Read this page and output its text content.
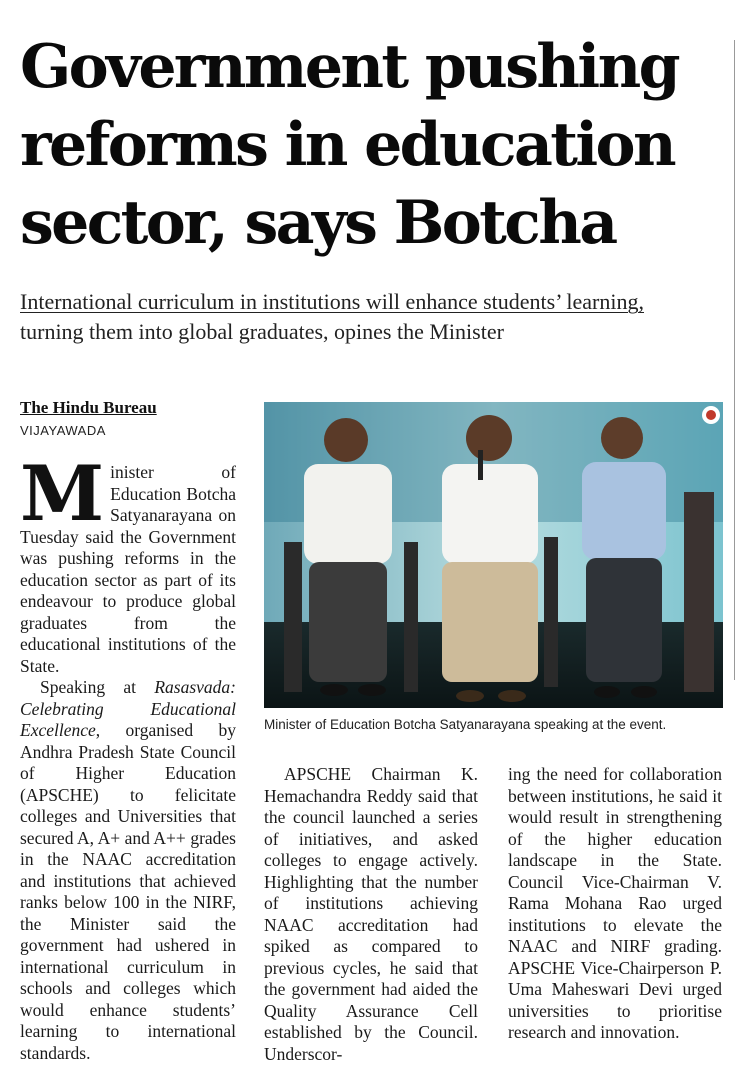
Government pushing reforms in education sector, says Botcha
International curriculum in institutions will enhance students’ learning,
turning them into global graduates, opines the Minister
The Hindu Bureau
VIJAYAWADA

Minister of Education Botcha Satyanarayana on Tuesday said the Government was pushing reforms in the education sector as part of its endeavour to produce global graduates from the educational institutions of the State.

Speaking at Rasasvada: Celebrating Educational Excellence, organised by Andhra Pradesh State Council of Higher Education (APSCHE) to felicitate colleges and Universities that secured A, A+ and A++ grades in the NAAC accreditation and institutions that achieved ranks below 100 in the NIRF, the Minister said the government had ushered in international curriculum in schools and colleges which would enhance students’ learning to international standards.

Minister of Education Botcha Satyanarayana speaking at the event.

APSCHE Chairman K. Hemachandra Reddy said that the council launched a series of initiatives, and asked colleges to engage actively. Highlighting that the number of institutions achieving NAAC accreditation had spiked as compared to previous cycles, he said that the government had aided the Quality Assurance Cell established by the Council. Underscor-

ing the need for collaboration between institutions, he said it would result in strengthening of the higher education landscape in the State. Council Vice-Chairman V. Rama Mohana Rao urged institutions to elevate the NAAC and NIRF grading. APSCHE Vice-Chairperson P. Uma Maheswari Devi urged universities to prioritise research and innovation.
